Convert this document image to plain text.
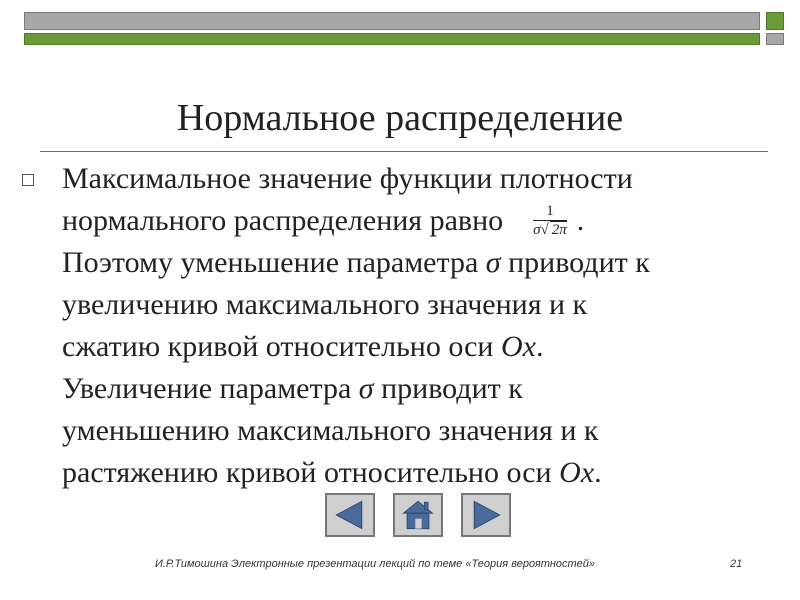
Нормальное распределение
Максимальное значение функции плотности
нормального распределения равно $\frac{1}{\sigma√ 2\pi}$ .
Поэтому уменьшение параметра σ приводит к
увеличению максимального значения и к
сжатию кривой относительно оси Ox.
Увеличение параметра σ приводит к
уменьшению максимального значения и к
растяжению кривой относительно оси Ox.
И.Р.Тимошина Электронные презентации лекций по теме «Теория вероятностей»	21
